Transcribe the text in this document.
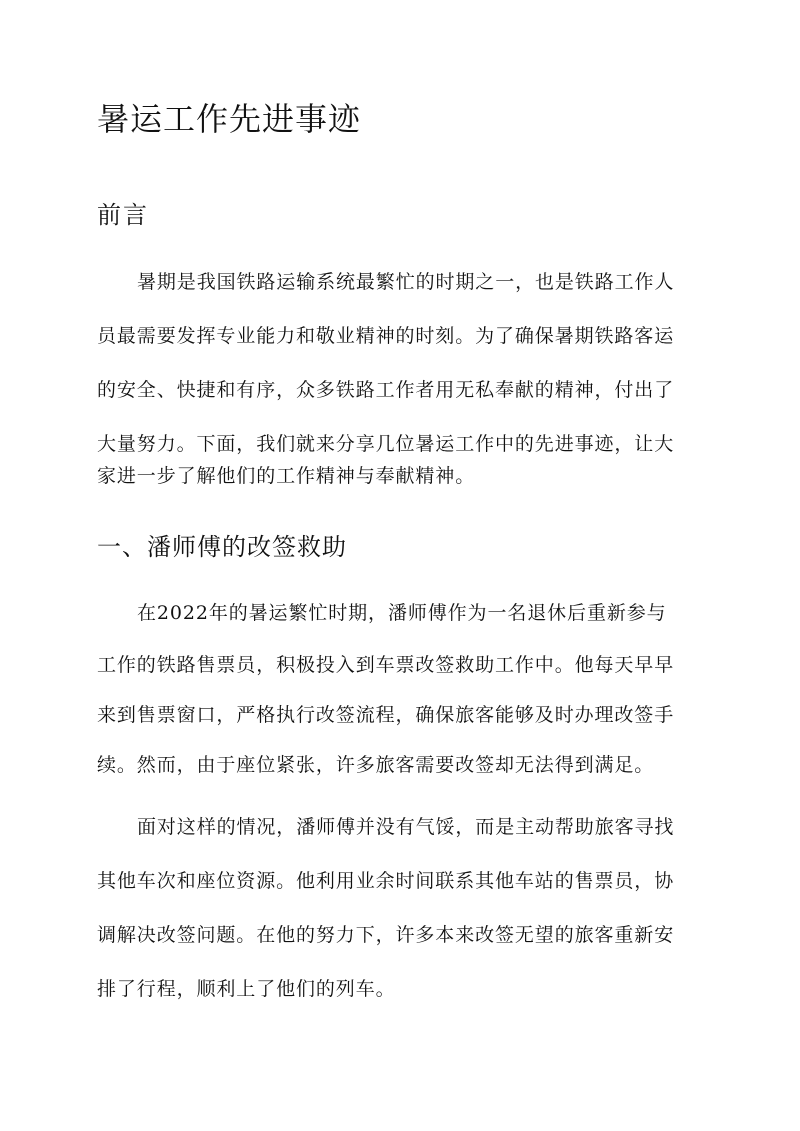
暑运工作先进事迹
前言

暑期是我国铁路运输系统最繁忙的时期之一，也是铁路工作人

员最需要发挥专业能力和敬业精神的时刻。为了确保暑期铁路客运

的安全、快捷和有序，众多铁路工作者用无私奉献的精神，付出了

大量努力。下面，我们就来分享几位暑运工作中的先进事迹，让大

家进一步了解他们的工作精神与奉献精神。

一、潘师傅的改签救助

在2022年的暑运繁忙时期，潘师傅作为一名退休后重新参与

工作的铁路售票员，积极投入到车票改签救助工作中。他每天早早

来到售票窗口，严格执行改签流程，确保旅客能够及时办理改签手

续。然而，由于座位紧张，许多旅客需要改签却无法得到满足。

面对这样的情况，潘师傅并没有气馁，而是主动帮助旅客寻找

其他车次和座位资源。他利用业余时间联系其他车站的售票员，协

调解决改签问题。在他的努力下，许多本来改签无望的旅客重新安

排了行程，顺利上了他们的列车。
